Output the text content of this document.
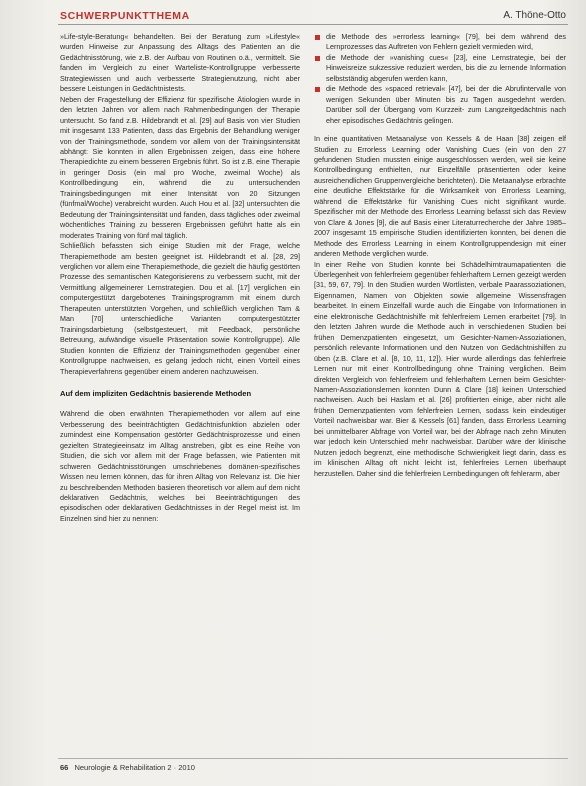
SCHWERPUNKTTHEMA	A. Thöne-Otto

»Life-style-Beratung« behandelten. Bei der Beratung zum »Lifestyle« wurden Hinweise zur Anpassung des Alltags des Patienten an die Gedächtnisstörung, wie z.B. der Aufbau von Routinen o.ä., vermittelt. Sie fanden im Vergleich zu einer Warteliste-Kontrollgruppe verbesserte Strategiewissen und auch verbesserte Strategienutzung, nicht aber bessere Leistungen in Gedächtnistests.

Neben der Fragestellung der Effizienz für spezifische Ätiologien wurde in den letzten Jahren vor allem nach Rahmenbedingungen der Therapie untersucht. So fand z.B. Hildebrandt et al. [29] auf Basis von vier Studien mit insgesamt 133 Patienten, dass das Ergebnis der Behandlung weniger von der Trainingsmethode, sondern vor allem von der Trainingsintensität abhängt: Sie konnten in allen Ergebnissen zeigen, dass eine höhere Therapiedichte zu einem besseren Ergebnis führt. So ist z.B. eine Therapie in geringer Dosis (ein mal pro Woche, zweimal Woche) als Kontrollbedingung ein, während die zu untersuchenden Trainingsbedingungen mit einer Intensität von 20 Sitzungen (fünfmal/Woche) verabreicht wurden. Auch Hou et al. [32] untersuchten die Bedeutung der Trainingsintensität und fanden, dass tägliches oder zweimal wöchentliches Training zu besseren Ergebnissen geführt hatte als ein moderates Training von fünf mal täglich.

Schließlich befassten sich einige Studien mit der Frage, welche Therapiemethode am besten geeignet ist. Hildebrandt et al. [28, 29] verglichen vor allem eine Therapiemethode, die gezielt die häufig gestörten Prozesse des semantischen Kategorisierens zu verbessern sucht, mit der Vermittlung allgemeinerer Lernstrategien. Dou et al. [17] verglichen ein computergestützt dargebotenes Trainingsprogramm mit einem durch Therapeuten unterstützten Vorgehen, und schließlich verglichen Tam & Man [70] unterschiedliche Varianten computergestützter Trainingsdarbietung (selbstgesteuert, mit Feedback, persönliche Betreuung, aufwändige visuelle Präsentation sowie Kontrollgruppe). Alle Studien konnten die Effizienz der Trainingsmethoden gegenüber einer Kontrollgruppe nachweisen, es gelang jedoch nicht, einen Vorteil eines Therapieverfahrens gegenüber einem anderen nachzuweisen.

Auf dem impliziten Gedächtnis basierende Methoden

Während die oben erwähnten Therapiemethoden vor allem auf eine Verbesserung des beeinträchtigten Gedächtnisfunktion abzielen oder zumindest eine Kompensation gestörter Gedächtnisprozesse und einen gezielten Strategieeinsatz im Alltag anstreben, gibt es eine Reihe von Studien, die sich vor allem mit der Frage befassen, wie Patienten mit schweren Gedächtnisstörungen umschriebenes domänen-spezifisches Wissen neu lernen können, das für ihren Alltag von Relevanz ist. Die hier zu beschreibenden Methoden basieren theoretisch vor allem auf dem nicht deklarativen Gedächtnis, welches bei Beeinträchtigungen des episodischen oder deklarativen Gedächtnisses in der Regel meist ist. Im Einzelnen sind hier zu nennen:

die Methode des »errorless learning« [79], bei dem während des Lernprozesses das Auftreten von Fehlern gezielt vermieden wird,
die Methode der »vanishing cues« [23], eine Lernstrategie, bei der Hinweisreize sukzessive reduziert werden, bis die zu lernende Information selbstständig abgerufen werden kann,
die Methode des »spaced retrieval« [47], bei der die Abrufintervalle von wenigen Sekunden über Minuten bis zu Tagen ausgedehnt werden. Darüber soll der Übergang vom Kurzzeit- zum Langzeitgedächtnis nach eher episodisches Gedächtnis gelingen.

In eine quantitativen Metaanalyse von Kessels & de Haan [38] zeigen elf Studien zu Errorless Learning oder Vanishing Cues (ein von den 27 gefundenen Studien mussten einige ausgeschlossen werden, weil sie keine Kontrollbedingung enthielten, nur Einzelfälle präsentierten oder keine ausreichendlichen Gruppenvergleiche berichteten). Die Metaanalyse erbrachte eine deutliche Effektstärke für die Wirksamkeit von Errorless Learning, während die Effektstärke für Vanishing Cues nicht signifikant wurde. Spezifischer mit der Methode des Errorless Learning befasst sich das Review von Clare & Jones [9], die auf Basis einer Literaturrecherche der Jahre 1985–2007 insgesamt 15 empirische Studien identifizierten konnten, bei denen die Methode des Errorless Learning in einem Kontrollgruppendesign mit einer anderen Methode verglichen wurde.

In einer Reihe von Studien konnte bei Schädelhirntraumapatienten die Überlegenheit von fehlerfreiem gegenüber fehlerhaftem Lernen gezeigt werden [31, 59, 67, 79]. In den Studien wurden Wortlisten, verbale Paarassoziationen, Eigennamen, Namen von Objekten sowie allgemeine Wissensfragen bearbeitet. In einem Einzelfall wurde auch die Eingabe von Informationen in eine elektronische Gedächtnishilfe mit fehlerfreiem Lernen erarbeitet [79]. In den letzten Jahren wurde die Methode auch in verschiedenen Studien bei frühen Demenzpatienten eingesetzt, um Gesichter-Namen-Assoziationen, persönlich relevante Informationen und den Nutzen von Gedächtnishilfen zu üben (z.B. Clare et al. [8, 10, 11, 12]). Hier wurde allerdings das fehlerfreie Lernen nur mit einer Kontrollbedingung ohne Training verglichen. Beim direkten Vergleich von fehlerfreiem und fehlerhaftem Lernen beim Gesichter-Namen-Assoziationslernen konnten Dunn & Clare [18] keinen Unterschied nachweisen. Auch bei Haslam et al. [26] profitierten einige, aber nicht alle frühen Demenzpatienten vom fehlerfreien Lernen, sodass kein eindeutiger Vorteil nachweisbar war. Bier & Kessels [61] fanden, dass Errorless Learning bei unmittelbarer Abfrage von Vorteil war, bei der Abfrage nach zehn Minuten war jedoch kein Unterschied mehr nachweisbar. Darüber wäre der klinische Nutzen jedoch begrenzt, eine methodische Schwierigkeit liegt darin, dass es im klinischen Alltag oft nicht leicht ist, fehlerfreies Lernen überhaupt herzustellen. Daher sind die fehlerfreien Lernbedingungen oft fehlerarm, aber

66 Neurologie & Rehabilitation 2 · 2010
